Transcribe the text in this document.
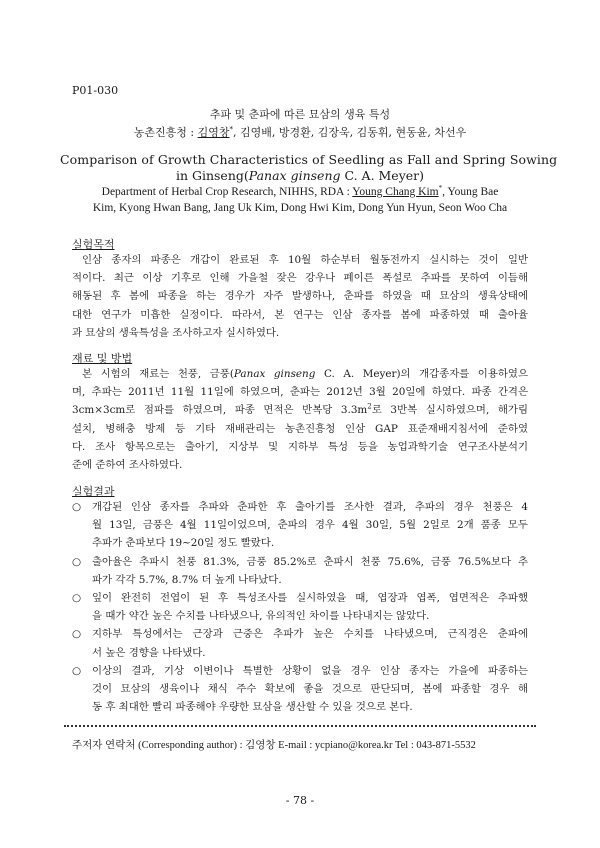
P01-030
추파 및 춘파에 따른 묘삼의 생육 특성
농촌진흥청 : 김영창*, 김영배, 방경환, 김장욱, 김동휘, 현동윤, 차선우
Comparison of Growth Characteristics of Seedling as Fall and Spring Sowing
in Ginseng(Panax ginseng C. A. Meyer)
Department of Herbal Crop Research, NIHHS, RDA : Young Chang Kim*, Young Bae
Kim, Kyong Hwan Bang, Jang Uk Kim, Dong Hwi Kim, Dong Yun Hyun, Seon Woo Cha
실험목적
인삼 종자의 파종은 개갑이 완료된 후 10월 하순부터 월동전까지 실시하는 것이 일반
적이다. 최근 이상 기후로 인해 가을철 잦은 강우나 폐이른 폭설로 추파를 못하여 이듬해
해동된 후 봄에 파종을 하는 경우가 자주 발생하나, 춘파를 하였을 때 묘삼의 생육상태에
대한 연구가 미흡한 실정이다. 따라서, 본 연구는 인삼 종자를 봄에 파종하였 때 출아율
과 묘삼의 생육특성을 조사하고자 실시하였다.
재료 및 방법
본 시험의 재료는 천풍, 금풍(Panax ginseng C. A. Meyer)의 개갑종자를 이용하였으
며, 추파는 2011년 11월 11일에 하였으며, 춘파는 2012년 3월 20일에 하였다. 파종 간격은
3cm×3cm로 점파를 하였으며, 파종 면적은 반복당 $3.3m^2$로 3반복 실시하였으며, 해가림
설치, 병해충 방제 등 기타 재배관리는 농촌진흥청 인삼 GAP 표준재배지침서에 준하였
다. 조사 항목으로는 출아기, 지상부 및 지하부 특성 등을 농업과학기술 연구조사분석기
준에 준하여 조사하였다.
실험결과
○	개갑된 인삼 종자를 추파와 춘파한 후 출아기를 조사한 결과, 추파의 경우 천풍은 4
월 13일, 금풍은 4월 11일이었으며, 춘파의 경우 4월 30일, 5월 2일로 2개 품종 모두
추파가 춘파보다 19∼20일 정도 빨랐다.
○	출아율은 추파시 천풍 81.3%, 금풍 85.2%로 춘파시 천풍 75.6%, 금풍 76.5%보다 추
파가 각각 5.7%, 8.7% 더 높게 나타났다.
○	잎이 완전히 전엽이 된 후 특성조사를 실시하였을 때, 엽장과 엽폭, 엽면적은 추파했
을 때가 약간 높은 수치를 나타냈으나, 유의적인 차이를 나타내지는 않았다.
○	지하부 특성에서는 근장과 근중은 추파가 높은 수치를 나타냈으며, 근직경은 춘파에
서 높은 경향을 나타냈다.
○	이상의 결과, 기상 이변이나 특별한 상황이 없을 경우 인삼 종자는 가을에 파종하는
것이 묘삼의 생육이나 채식 주수 확보에 좋을 것으로 판단되며, 봄에 파종할 경우 해
동 후 최대한 빨리 파종해야 우량한 묘삼을 생산할 수 있을 것으로 본다.
주저자 연락처 (Corresponding author) : 김영창 E-mail : ycpiano@korea.kr Tel : 043-871-5532
- 78 -
